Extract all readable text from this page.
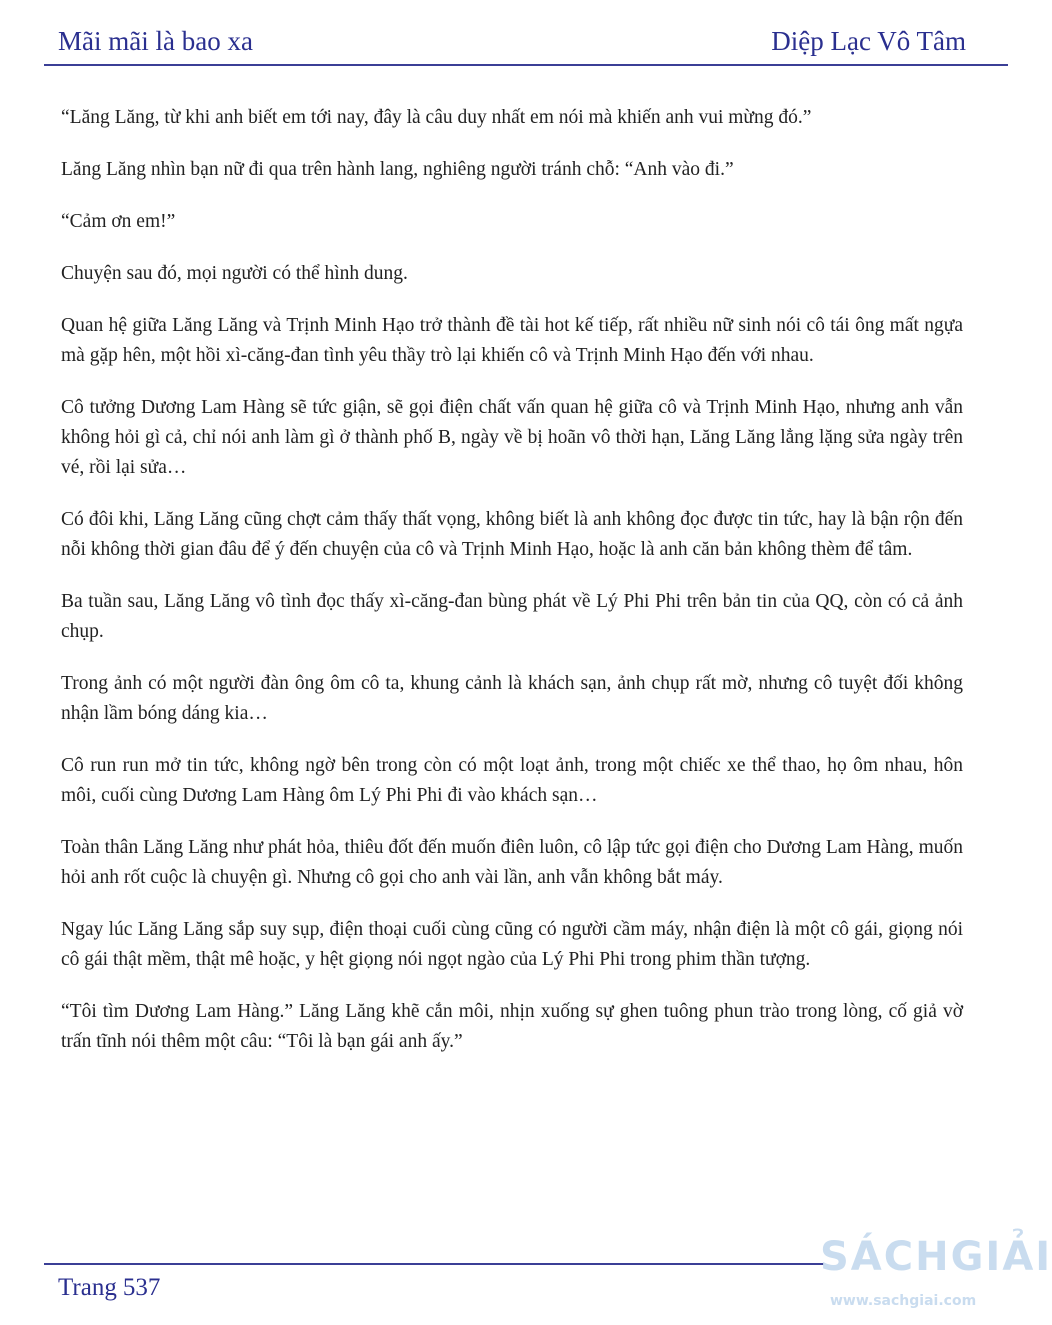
Mãi mãi là bao xa	Diệp Lạc Vô Tâm

“Lăng Lăng, từ khi anh biết em tới nay, đây là câu duy nhất em nói mà khiến anh vui mừng đó.”

Lăng Lăng nhìn bạn nữ đi qua trên hành lang, nghiêng người tránh chỗ: “Anh vào đi.”

“Cảm ơn em!”

Chuyện sau đó, mọi người có thể hình dung.

Quan hệ giữa Lăng Lăng và Trịnh Minh Hạo trở thành đề tài hot kế tiếp, rất nhiều nữ sinh nói cô tái ông mất ngựa mà gặp hên, một hồi xì-căng-đan tình yêu thầy trò lại khiến cô và Trịnh Minh Hạo đến với nhau.

Cô tưởng Dương Lam Hàng sẽ tức giận, sẽ gọi điện chất vấn quan hệ giữa cô và Trịnh Minh Hạo, nhưng anh vẫn không hỏi gì cả, chỉ nói anh làm gì ở thành phố B, ngày về bị hoãn vô thời hạn, Lăng Lăng lẳng lặng sửa ngày trên vé, rồi lại sửa…

Có đôi khi, Lăng Lăng cũng chợt cảm thấy thất vọng, không biết là anh không đọc được tin tức, hay là bận rộn đến nỗi không thời gian đâu để ý đến chuyện của cô và Trịnh Minh Hạo, hoặc là anh căn bản không thèm để tâm.

Ba tuần sau, Lăng Lăng vô tình đọc thấy xì-căng-đan bùng phát về Lý Phi Phi trên bản tin của QQ, còn có cả ảnh chụp.

Trong ảnh có một người đàn ông ôm cô ta, khung cảnh là khách sạn, ảnh chụp rất mờ, nhưng cô tuyệt đối không nhận lầm bóng dáng kia…

Cô run run mở tin tức, không ngờ bên trong còn có một loạt ảnh, trong một chiếc xe thể thao, họ ôm nhau, hôn môi, cuối cùng Dương Lam Hàng ôm Lý Phi Phi đi vào khách sạn…

Toàn thân Lăng Lăng như phát hỏa, thiêu đốt đến muốn điên luôn, cô lập tức gọi điện cho Dương Lam Hàng, muốn hỏi anh rốt cuộc là chuyện gì. Nhưng cô gọi cho anh vài lần, anh vẫn không bắt máy.

Ngay lúc Lăng Lăng sắp suy sụp, điện thoại cuối cùng cũng có người cầm máy, nhận điện là một cô gái, giọng nói cô gái thật mềm, thật mê hoặc, y hệt giọng nói ngọt ngào của Lý Phi Phi trong phim thần tượng.

“Tôi tìm Dương Lam Hàng.” Lăng Lăng khẽ cắn môi, nhịn xuống sự ghen tuông phun trào trong lòng, cố giả vờ trấn tĩnh nói thêm một câu: “Tôi là bạn gái anh ấy.”

Trang 537
SÁCHGIẢI
www.sachgiai.com
